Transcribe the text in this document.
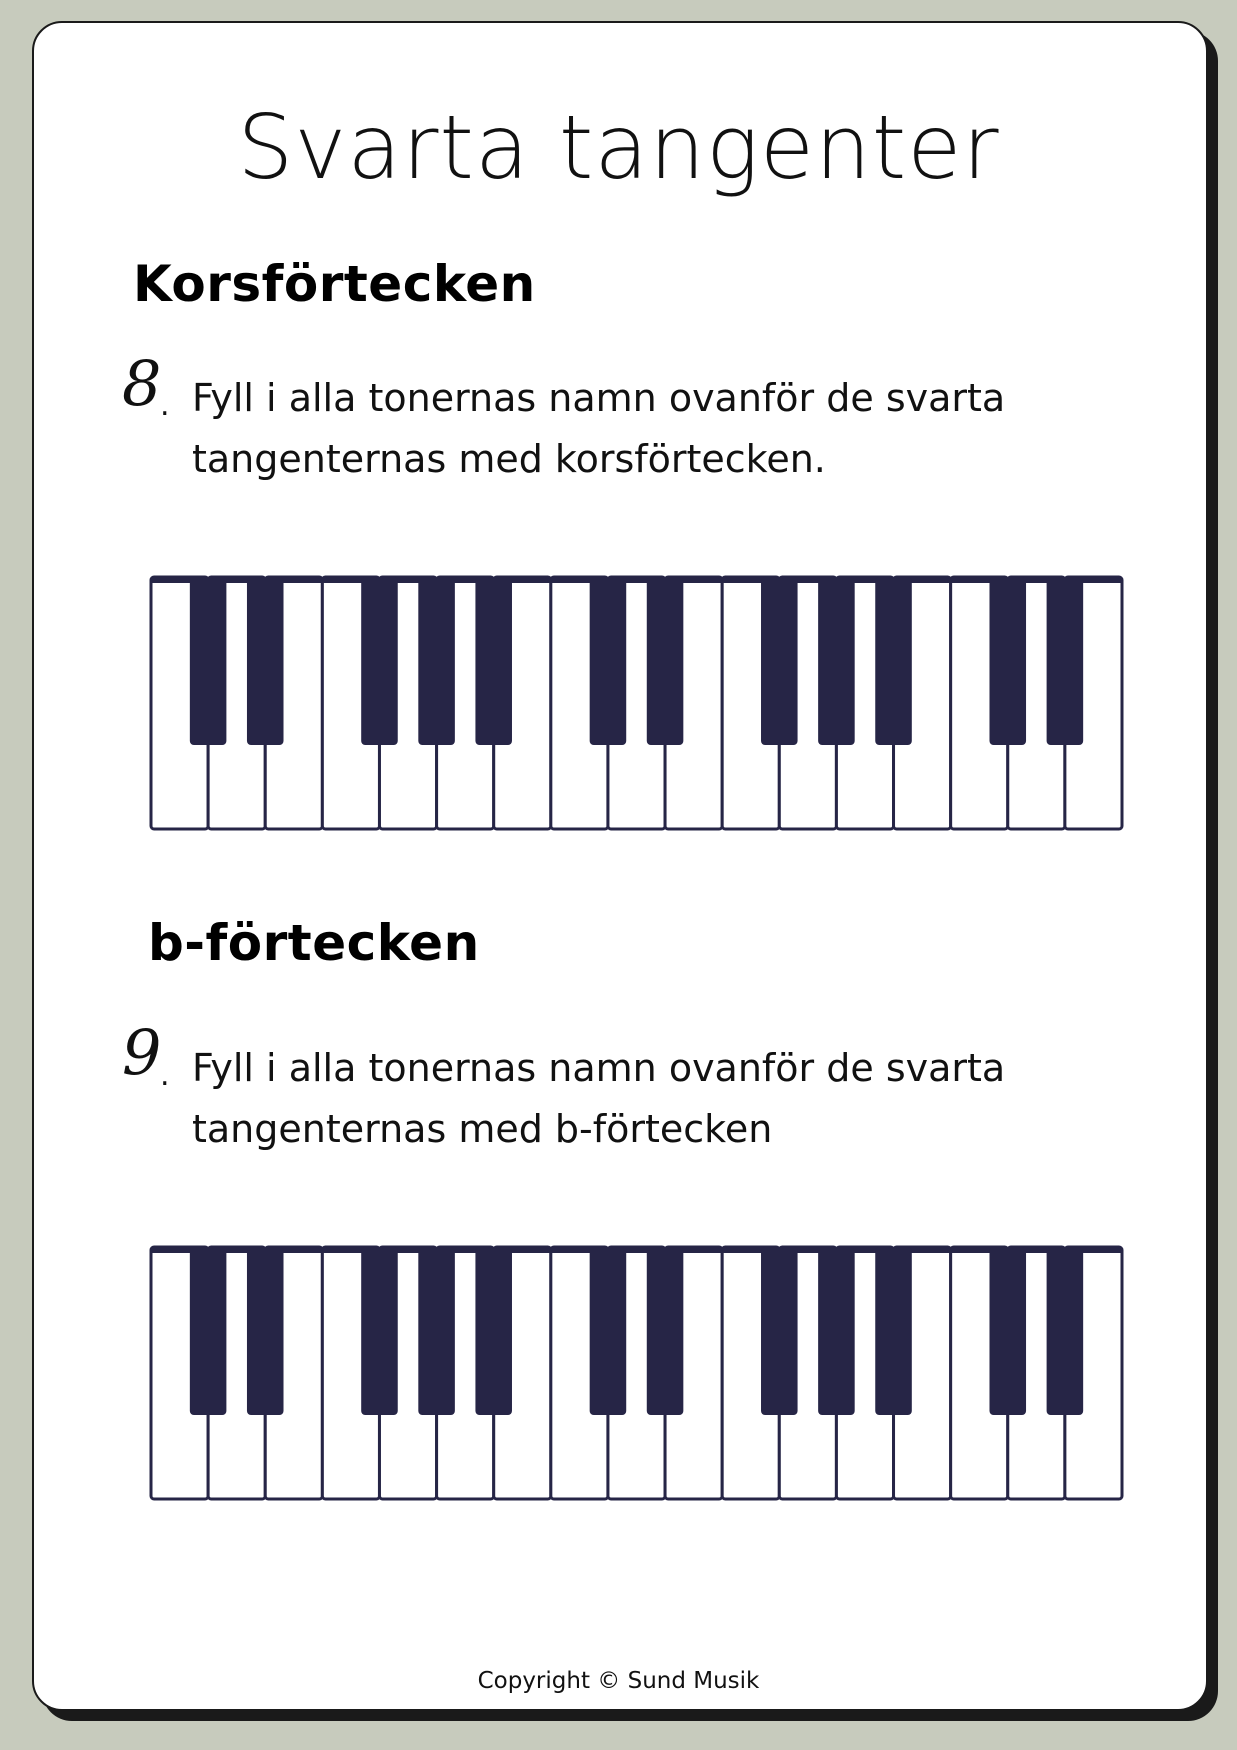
Svarta tangenter
Korsförtecken
8
. Fyll i alla tonernas namn ovanför de svarta
tangenternas med korsförtecken.
b-förtecken
9
. Fyll i alla tonernas namn ovanför de svarta
tangenternas med b-förtecken
Copyright © Sund Musik
